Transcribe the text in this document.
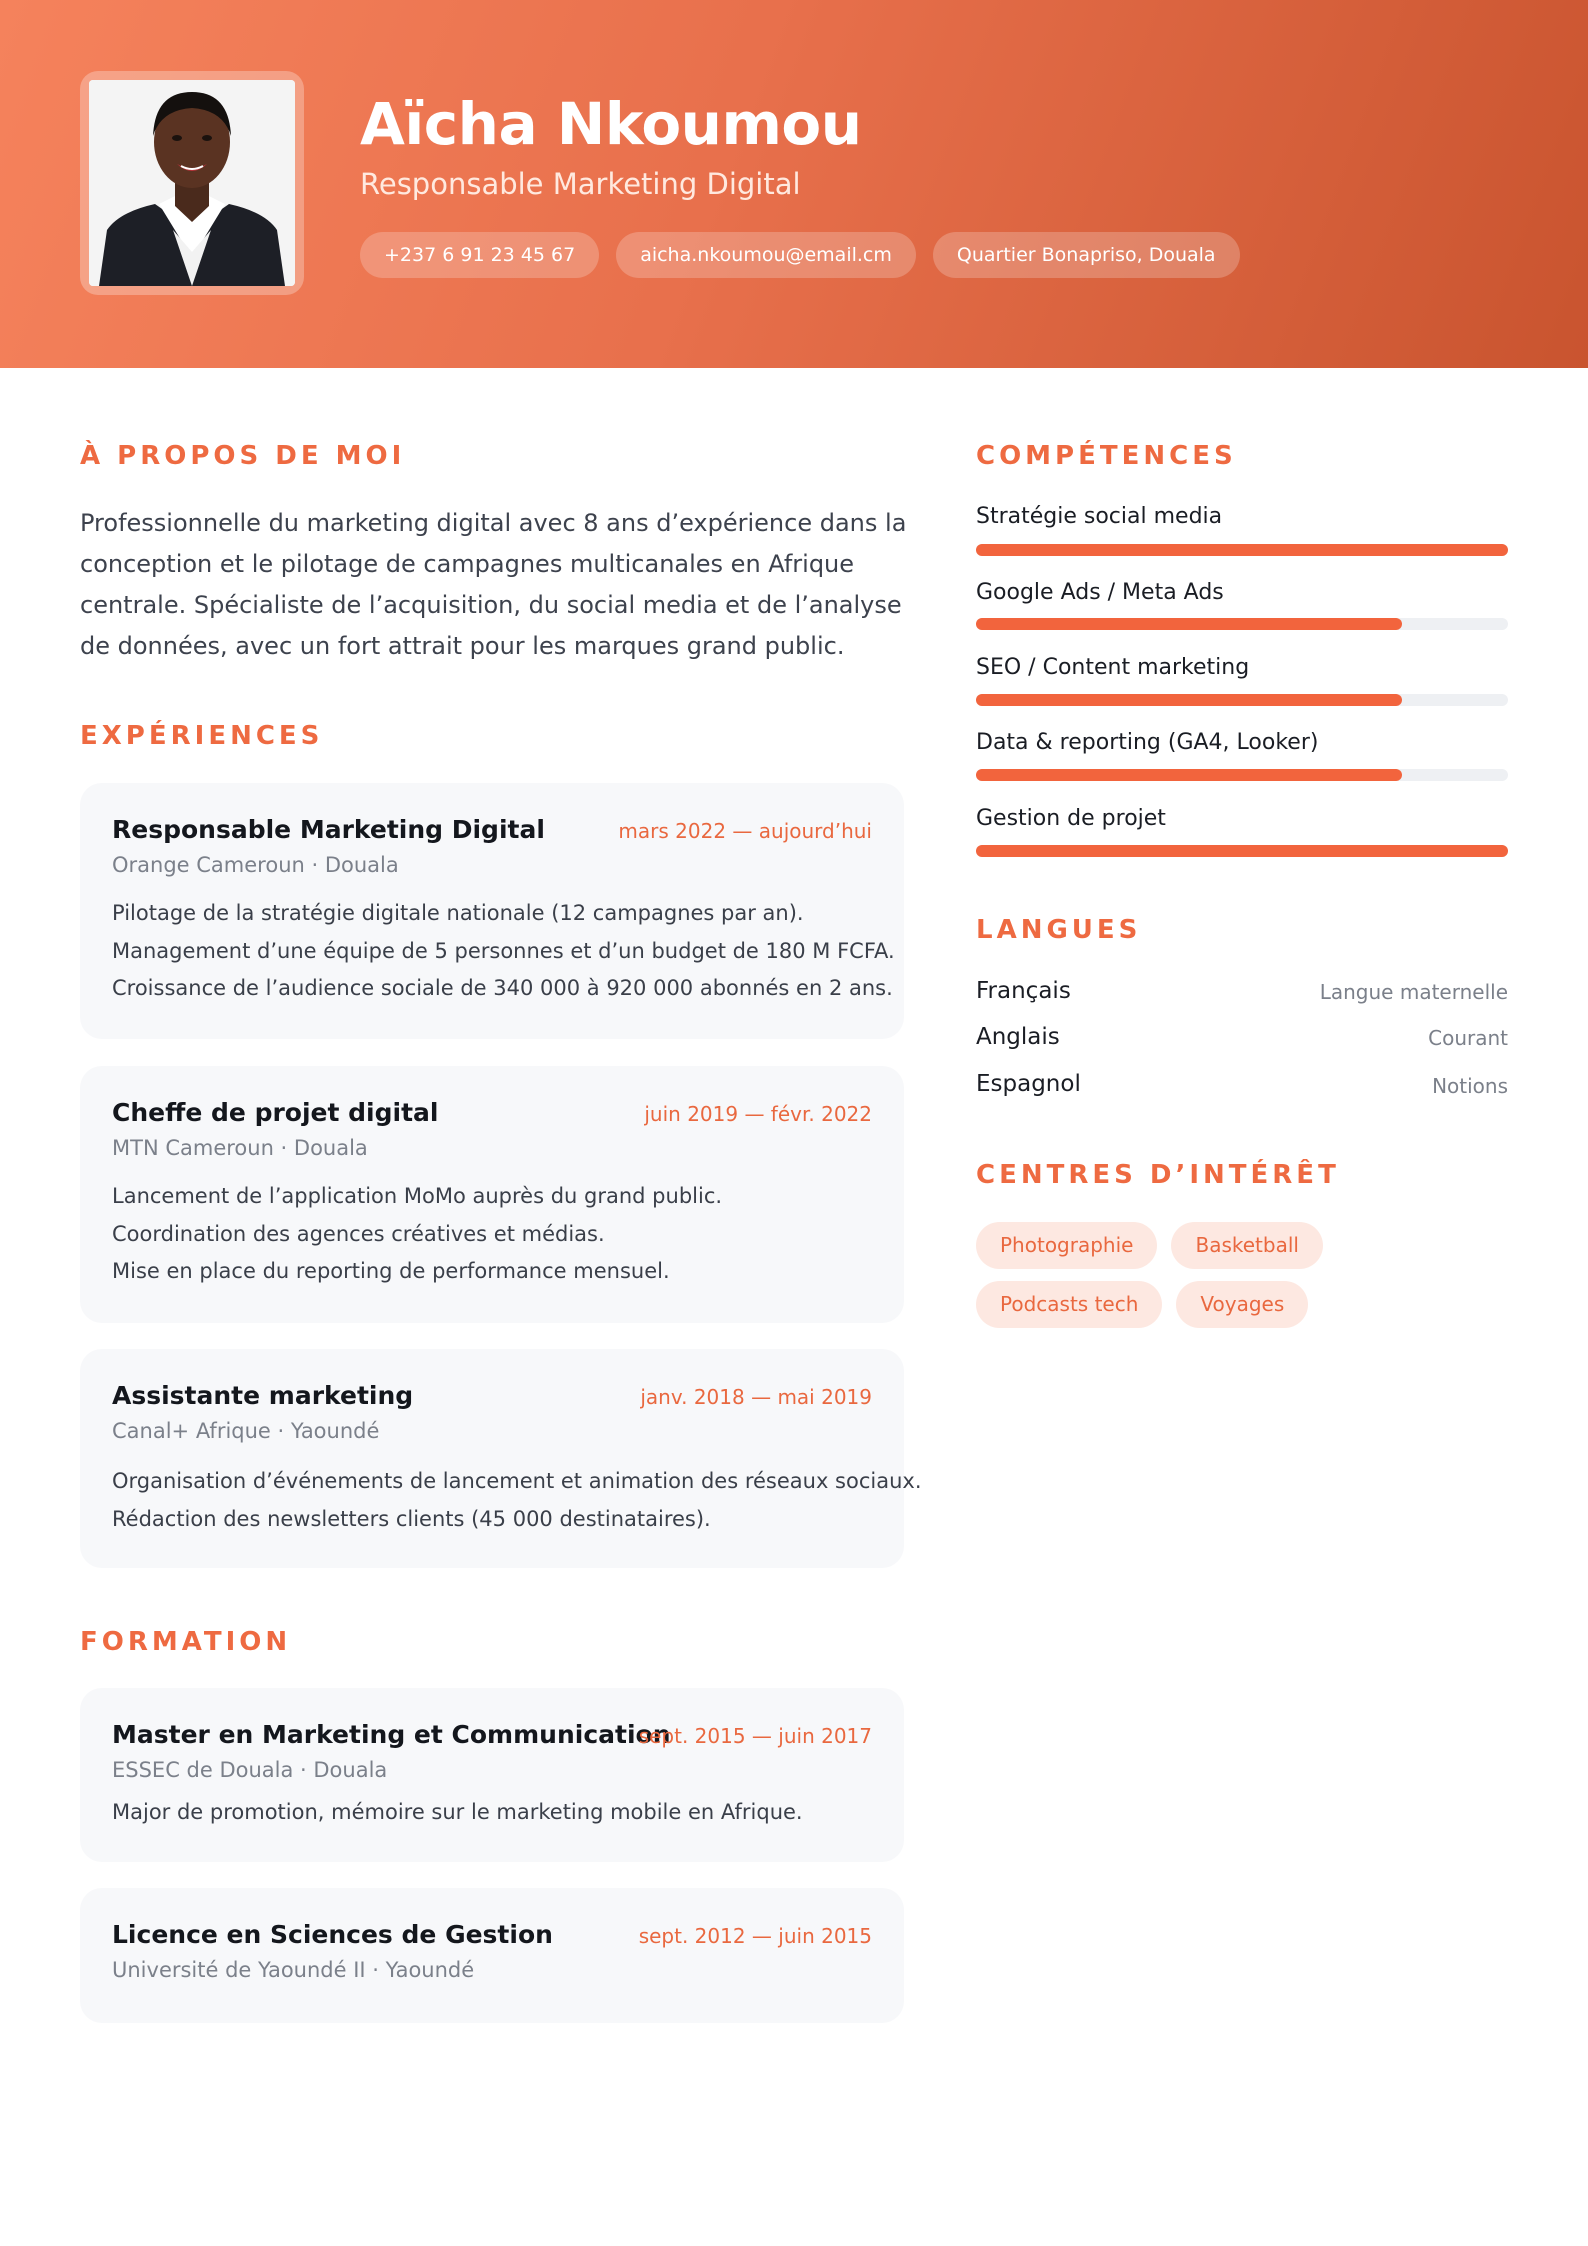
Aïcha Nkoumou
Responsable Marketing Digital
+237 6 91 23 45 67	aicha.nkoumou@email.cm	Quartier Bonapriso, Douala
À PROPOS DE MOI
Professionnelle du marketing digital avec 8 ans d’expérience dans la conception et le pilotage de campagnes multicanales en Afrique centrale. Spécialiste de l’acquisition, du social media et de l’analyse de données, avec un fort attrait pour les marques grand public.
EXPÉRIENCES
Responsable Marketing Digital	mars 2022 — aujourd’hui
Orange Cameroun · Douala
Pilotage de la stratégie digitale nationale (12 campagnes par an).
Management d’une équipe de 5 personnes et d’un budget de 180 M FCFA.
Croissance de l’audience sociale de 340 000 à 920 000 abonnés en 2 ans.
Cheffe de projet digital	juin 2019 — févr. 2022
MTN Cameroun · Douala
Lancement de l’application MoMo auprès du grand public.
Coordination des agences créatives et médias.
Mise en place du reporting de performance mensuel.
Assistante marketing	janv. 2018 — mai 2019
Canal+ Afrique · Yaoundé
Organisation d’événements de lancement et animation des réseaux sociaux.
Rédaction des newsletters clients (45 000 destinataires).
FORMATION
Master en Marketing et Communication
sept. 2015 — juin 2017
ESSEC de Douala · Douala
Major de promotion, mémoire sur le marketing mobile en Afrique.
Licence en Sciences de Gestion	sept. 2012 — juin 2015
Université de Yaoundé II · Yaoundé
COMPÉTENCES
Stratégie social media
Google Ads / Meta Ads
SEO / Content marketing
Data & reporting (GA4, Looker)
Gestion de projet
LANGUES
Français	Langue maternelle
Anglais	Courant
Espagnol	Notions
CENTRES D’INTÉRÊT
Photographie	Basketball
Podcasts tech	Voyages
